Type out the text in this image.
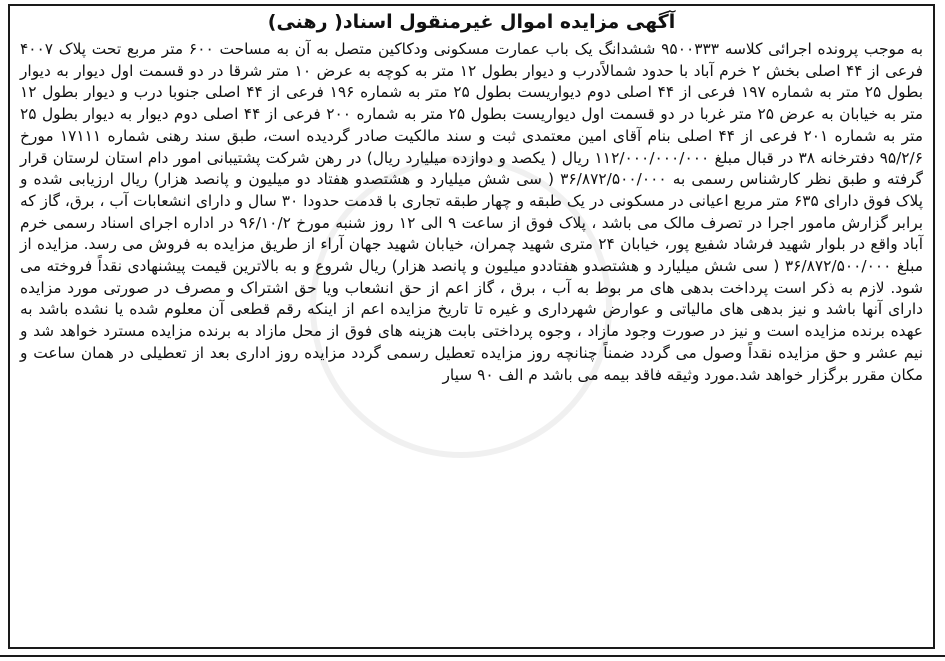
آگهی مزایده اموال غیرمنقول اسناد( رهنی)
به موجب پرونده اجرائی کلاسه ۹۵۰۰۳۳۳ ششدانگ یک باب عمارت مسکونی ودکاکین متصل به آن به مساحت ۶۰۰ متر مربع تحت پلاک ۴۰۰۷ فرعی از ۴۴ اصلی بخش ۲ خرم آباد با حدود شمالاًدرب و دیوار بطول ۱۲ متر به کوچه به عرض ۱۰ متر شرقا در دو قسمت اول دیوار به دیوار بطول ۲۵ متر به شماره ۱۹۷ فرعی از ۴۴ اصلی دوم دیواریست بطول ۲۵ متر به شماره ۱۹۶ فرعی از ۴۴ اصلی جنوبا درب و دیوار بطول ۱۲ متر به خیابان به عرض ۲۵ متر غربا در دو قسمت اول دیواریست بطول ۲۵ متر به شماره ۲۰۰ فرعی از ۴۴ اصلی دوم دیوار به دیوار بطول ۲۵ متر به شماره ۲۰۱ فرعی از ۴۴ اصلی بنام آقای امین معتمدی ثبت و سند مالکیت صادر گردیده است، طبق سند رهنی شماره ۱۷۱۱۱ مورخ ۹۵/۲/۶ دفترخانه ۳۸ در قبال مبلغ ۱۱۲/۰۰۰/۰۰۰/۰۰۰ ریال ( یکصد و دوازده میلیارد ریال) در رهن شرکت پشتیبانی امور دام استان لرستان قرار گرفته و طبق نظر کارشناس رسمی به ۳۶/۸۷۲/۵۰۰/۰۰۰ ( سی شش میلیارد و هشتصدو هفتاد دو میلیون و پانصد هزار) ریال ارزیابی شده و پلاک فوق دارای ۶۳۵ متر مربع اعیانی در مسکونی در یک طبقه و چهار طبقه تجاری با قدمت حدودا ۳۰ سال و دارای انشعابات آب ، برق، گاز که برابر گزارش مامور اجرا در تصرف مالک می باشد ، پلاک فوق از ساعت ۹ الی ۱۲ روز شنبه مورخ ۹۶/۱۰/۲ در اداره اجرای اسناد رسمی خرم آباد واقع در بلوار شهید فرشاد شفیع پور، خیابان ۲۴ متری شهید چمران، خیابان شهید جهان آراء از طریق مزایده به فروش می رسد. مزایده از مبلغ ۳۶/۸۷۲/۵۰۰/۰۰۰ ( سی شش میلیارد و هشتصدو هفتاددو میلیون و پانصد هزار) ریال شروع و به بالاترین قیمت پیشنهادی نقداً فروخته می شود. لازم به ذکر است پرداخت بدهی های مر بوط به آب ، برق ، گاز اعم از حق انشعاب ویا حق اشتراک و مصرف در صورتی مورد مزایده دارای آنها باشد و نیز بدهی های مالیاتی و عوارض شهرداری و غیره تا تاریخ مزایده اعم از اینکه رقم قطعی آن معلوم شده یا نشده باشد به عهده برنده مزایده است و نیز در صورت وجود مازاد ، وجوه پرداختی بابت هزینه های فوق از محل مازاد به برنده مزایده مسترد خواهد شد و نیم عشر و حق مزایده نقداً وصول می گردد ضمناً چنانچه روز مزایده تعطیل رسمی گردد مزایده روز اداری بعد از تعطیلی در همان ساعت و مکان مقرر برگزار خواهد شد.مورد وثیقه فاقد بیمه می باشد م الف ۹۰ سیار
